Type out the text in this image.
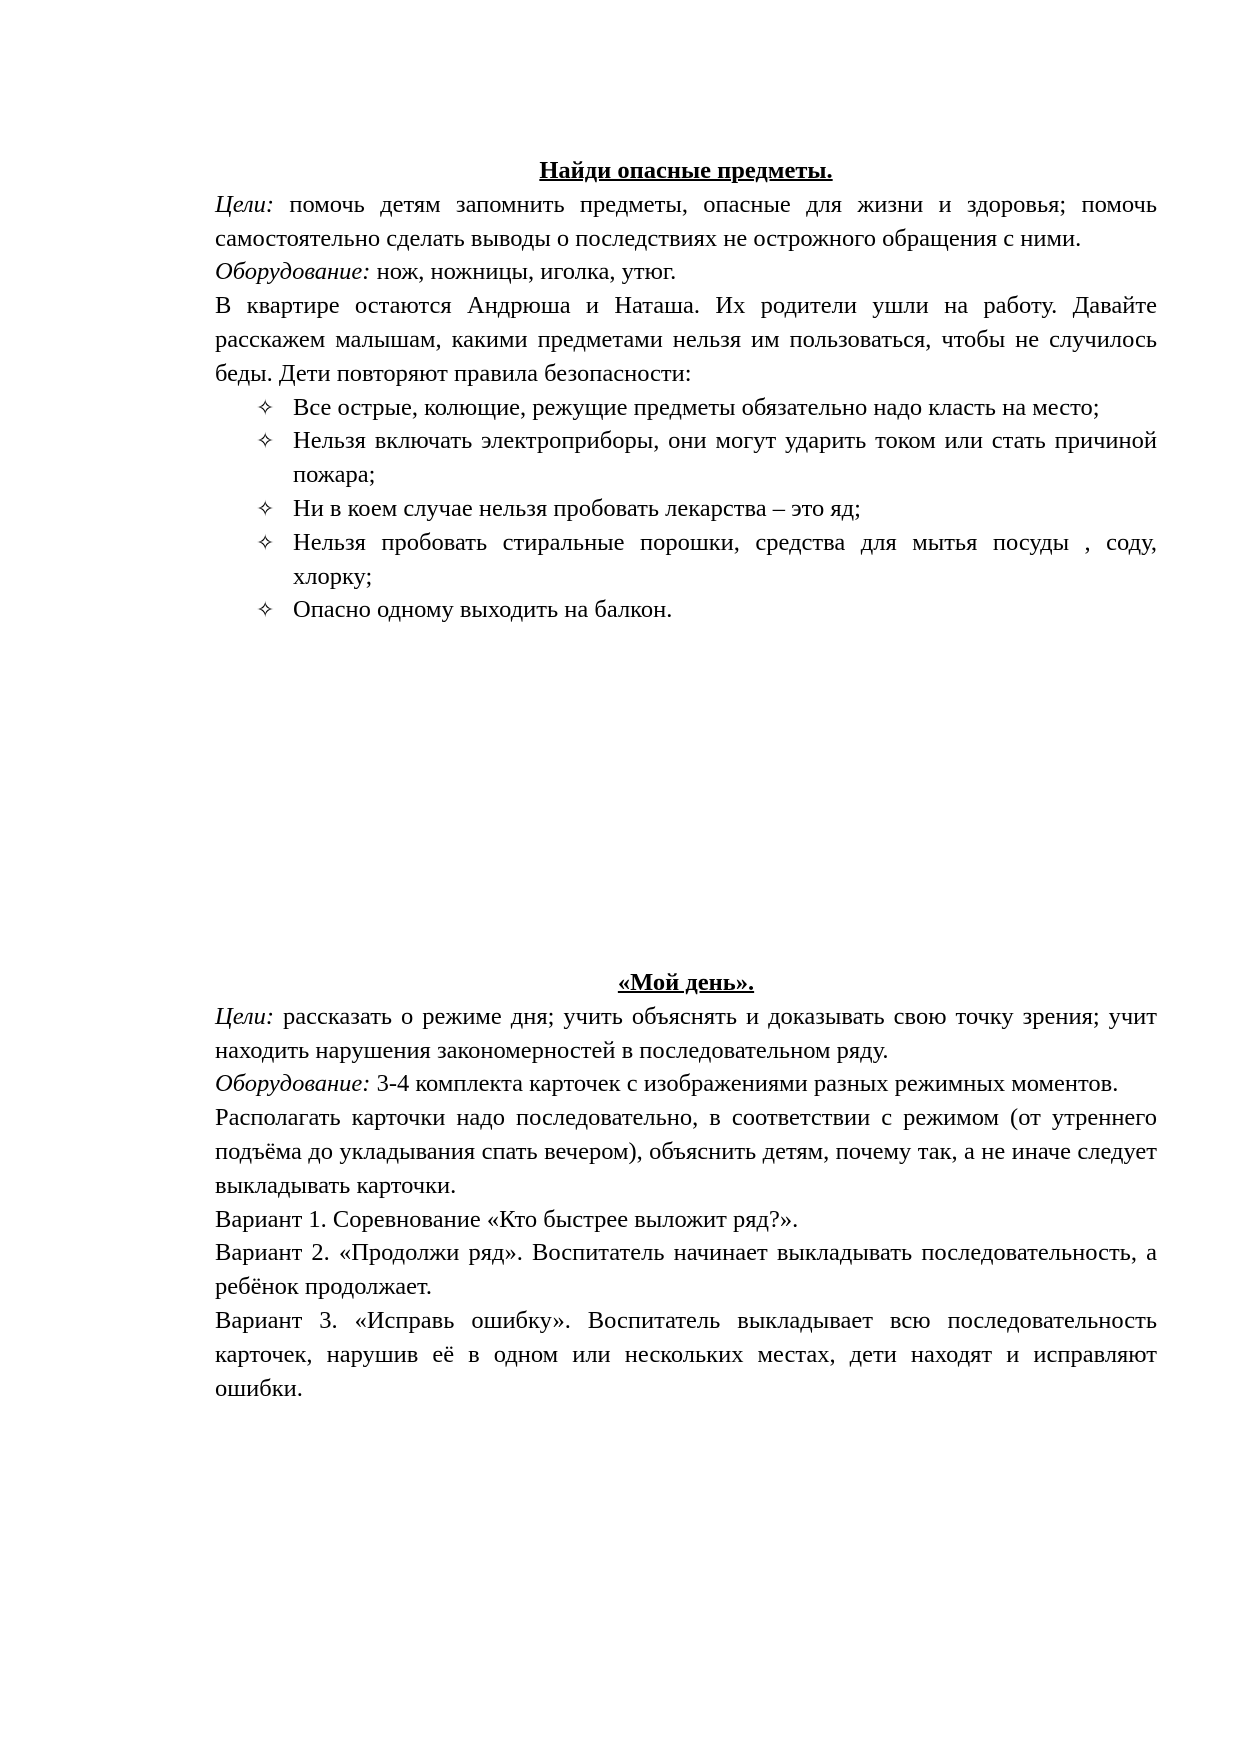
Найди опасные предметы.

Цели: помочь детям запомнить предметы, опасные для жизни и здоровья; помочь самостоятельно сделать выводы о последствиях не острожного обращения с ними.

Оборудование: нож, ножницы, иголка, утюг.

В квартире остаются Андрюша и Наташа. Их родители ушли на работу. Давайте расскажем малышам, какими предметами нельзя им пользоваться, чтобы не случилось беды. Дети повторяют правила безопасности:

✧ Все острые, колющие, режущие предметы обязательно надо класть на место;
✧ Нельзя включать электроприборы, они могут ударить током или стать причиной пожара;
✧ Ни в коем случае нельзя пробовать лекарства – это яд;
✧ Нельзя пробовать стиральные порошки, средства для мытья посуды , соду, хлорку;
✧ Опасно одному выходить на балкон.
«Мой день».

Цели: рассказать о режиме дня; учить объяснять и доказывать свою точку зрения; учит находить нарушения закономерностей в последовательном ряду.

Оборудование: 3-4 комплекта карточек с изображениями разных режимных моментов.

Располагать карточки надо последовательно, в соответствии с режимом (от утреннего подъёма до укладывания спать вечером), объяснить детям, почему так, а не иначе следует выкладывать карточки.

Вариант 1. Соревнование «Кто быстрее выложит ряд?».

Вариант 2. «Продолжи ряд». Воспитатель начинает выкладывать последовательность, а ребёнок продолжает.

Вариант 3. «Исправь ошибку». Воспитатель выкладывает всю последовательность карточек, нарушив её в одном или нескольких местах, дети находят и исправляют ошибки.
